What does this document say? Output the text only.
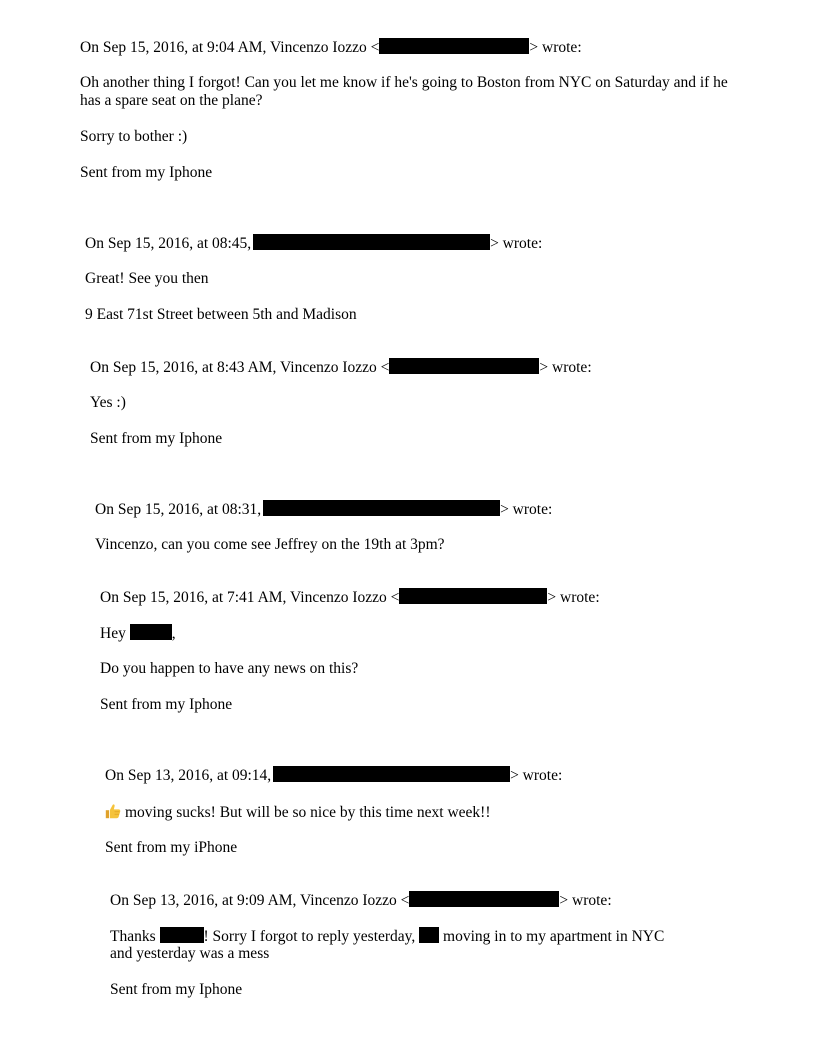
On Sep 15, 2016, at 9:04 AM, Vincenzo Iozzo <	> wrote:
Oh another thing I forgot! Can you let me know if he's going to Boston from NYC on Saturday and if he has a spare seat on the plane?
Sorry to bother :)
Sent from my Iphone
On Sep 15, 2016, at 08:45,	> wrote:
Great! See you then
9 East 71st Street between 5th and Madison
On Sep 15, 2016, at 8:43 AM, Vincenzo Iozzo <	> wrote:
Yes :)
Sent from my Iphone
On Sep 15, 2016, at 08:31,	> wrote:
Vincenzo, can you come see Jeffrey on the 19th at 3pm?
On Sep 15, 2016, at 7:41 AM, Vincenzo Iozzo <	> wrote:
Hey	,
Do you happen to have any news on this?
Sent from my Iphone
On Sep 13, 2016, at 09:14,	> wrote:
moving sucks! But will be so nice by this time next week!!
Sent from my iPhone
On Sep 13, 2016, at 9:09 AM, Vincenzo Iozzo <	> wrote:
Thanks	! Sorry I forgot to reply yesterday, moving in to my apartment in NYC
and yesterday was a mess
Sent from my Iphone
